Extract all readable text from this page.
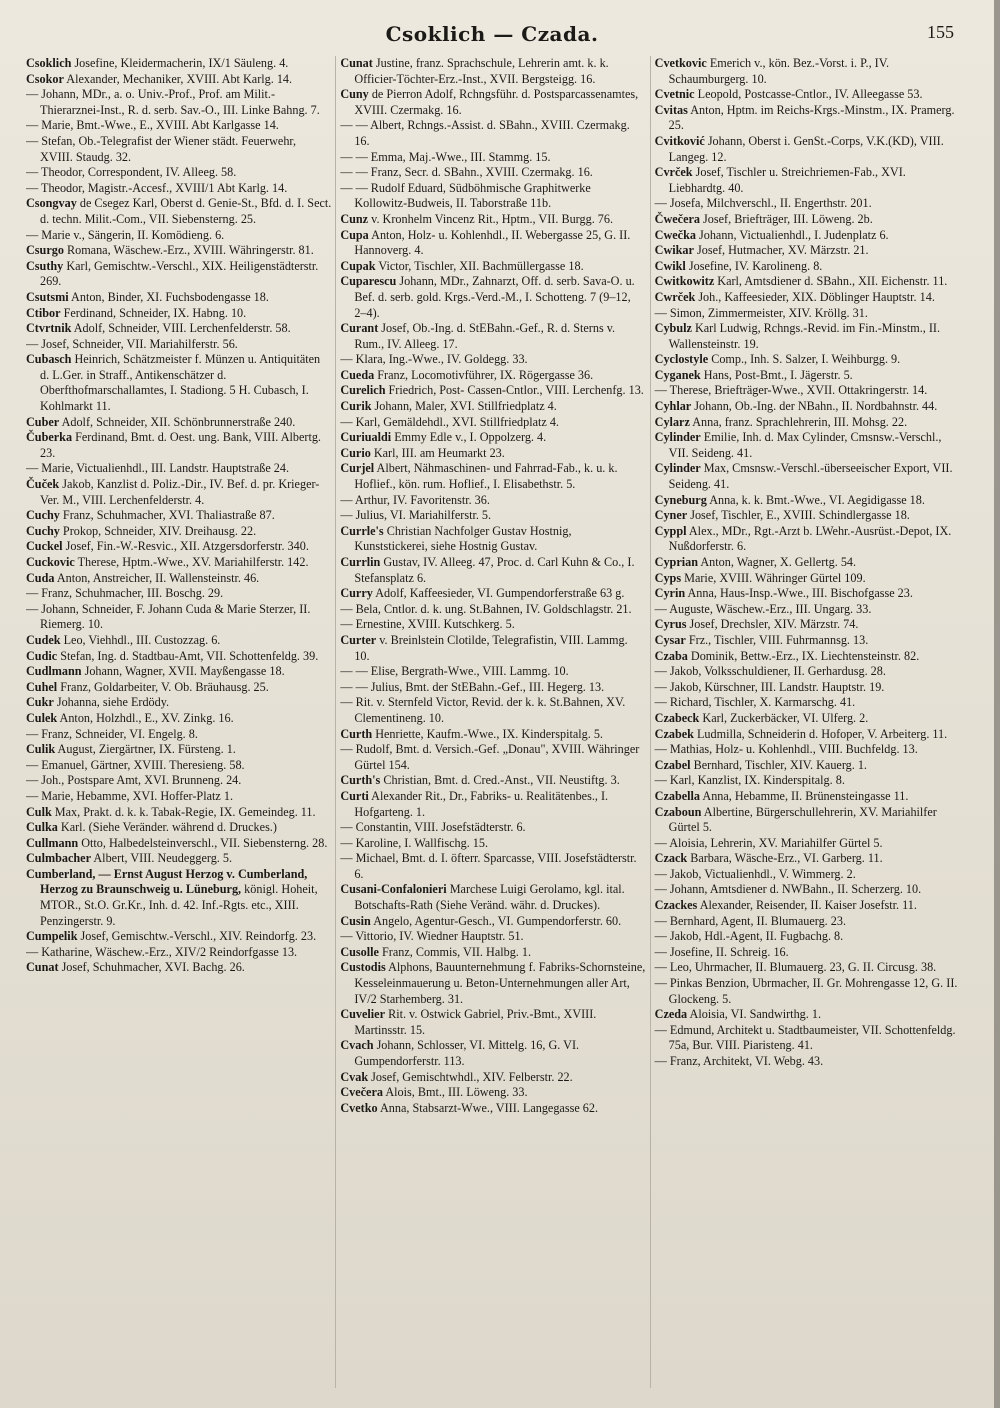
Csoklich — Czada.	155

Csoklich Josefine, Kleidermacherin, IX/1 Säuleng. 4.

Csokor Alexander, Mechaniker, XVIII. Abt Karlg. 14.

— Johann, MDr., a. o. Univ.-Prof., Prof. am Milit.-Thierarznei-Inst., R. d. serb. Sav.-O., III. Linke Bahng. 7.

— Marie, Bmt.-Wwe., E., XVIII. Abt Karlgasse 14.

— Stefan, Ob.-Telegrafist der Wiener städt. Feuerwehr, XVIII. Staudg. 32.

— Theodor, Correspondent, IV. Alleeg. 58.

— Theodor, Magistr.-Accesf., XVIII/1 Abt Karlg. 14.

Csongvay de Csegez Karl, Oberst d. Genie-St., Bfd. d. I. Sect. d. techn. Milit.-Com., VII. Siebensterng. 25.

— Marie v., Sängerin, II. Komödieng. 6.

Csurgo Romana, Wäschew.-Erz., XVIII. Währingerstr. 81.

Csuthy Karl, Gemischtw.-Verschl., XIX. Heiligenstädterstr. 269.

Csutsmi Anton, Binder, XI. Fuchsbodengasse 18.

Ctibor Ferdinand, Schneider, IX. Habng. 10.

Ctvrtnik Adolf, Schneider, VIII. Lerchenfelderstr. 58.

— Josef, Schneider, VII. Mariahilferstr. 56.

Cubasch Heinrich, Schätzmeister f. Münzen u. Antiquitäten d. L.Ger. in Straff., Antikenschätzer d. Oberfthofmarschallamtes, I. Stadiong. 5 H. Cubasch, I. Kohlmarkt 11.

Cuber Adolf, Schneider, XII. Schönbrunnerstraße 240.

Čuberka Ferdinand, Bmt. d. Oest. ung. Bank, VIII. Albertg. 23.

— Marie, Victualienhdl., III. Landstr. Hauptstraße 24.

Čuček Jakob, Kanzlist d. Poliz.-Dir., IV. Bef. d. pr. Krieger-Ver. M., VIII. Lerchenfelderstr. 4.

Cuchy Franz, Schuhmacher, XVI. Thaliastraße 87.

Cuchy Prokop, Schneider, XIV. Dreihausg. 22.

Cuckel Josef, Fin.-W.-Resvic., XII. Atzgersdorferstr. 340.

Cuckovic Therese, Hptm.-Wwe., XV. Mariahilferstr. 142.

Cuda Anton, Anstreicher, II. Wallensteinstr. 46.

— Franz, Schuhmacher, III. Boschg. 29.

— Johann, Schneider, F. Johann Cuda & Marie Sterzer, II. Riemerg. 10.

Cudek Leo, Viehhdl., III. Custozzag. 6.

Cudic Stefan, Ing. d. Stadtbau-Amt, VII. Schottenfeldg. 39.

Cudlmann Johann, Wagner, XVII. Mayßengasse 18.

Cuhel Franz, Goldarbeiter, V. Ob. Bräuhausg. 25.

Cukr Johanna, siehe Erdödy.

Culek Anton, Holzhdl., E., XV. Zinkg. 16.

— Franz, Schneider, VI. Engelg. 8.

Culik August, Ziergärtner, IX. Fürsteng. 1.

— Emanuel, Gärtner, XVIII. Theresieng. 58.

— Joh., Postspare Amt, XVI. Brunneng. 24.

— Marie, Hebamme, XVI. Hoffer-Platz 1.

Culk Max, Prakt. d. k. k. Tabak-Regie, IX. Gemeindeg. 11.

Culka Karl. (Siehe Veränder. während d. Druckes.)

Cullmann Otto, Halbedelsteinverschl., VII. Siebensterng. 28.

Culmbacher Albert, VIII. Neudeggerg. 5.

Cumberland, — Ernst August Herzog v. Cumberland, Herzog zu Braunschweig u. Lüneburg, königl. Hoheit, MTOR., St.O. Gr.Kr., Inh. d. 42. Inf.-Rgts. etc., XIII. Penzingerstr. 9.

Cumpelik Josef, Gemischtw.-Verschl., XIV. Reindorfg. 23.

— Katharine, Wäschew.-Erz., XIV/2 Reindorfgasse 13.

Cunat Josef, Schuhmacher, XVI. Bachg. 26.

Cunat Justine, franz. Sprachschule, Lehrerin amt. k. k. Officier-Töchter-Erz.-Inst., XVII. Bergsteigg. 16.

Cuny de Pierron Adolf, Rchngsführ. d. Postsparcassenamtes, XVIII. Czermakg. 16.

— — Albert, Rchngs.-Assist. d. SBahn., XVIII. Czermakg. 16.

— — Emma, Maj.-Wwe., III. Stammg. 15.

— — Franz, Secr. d. SBahn., XVIII. Czermakg. 16.

— — Rudolf Eduard, Südböhmische Graphitwerke Kollowitz-Budweis, II. Taborstraße 11b.

Cunz v. Kronhelm Vincenz Rit., Hptm., VII. Burgg. 76.

Cupa Anton, Holz- u. Kohlenhdl., II. Webergasse 25, G. II. Hannoverg. 4.

Cupak Victor, Tischler, XII. Bachmüllergasse 18.

Cuparescu Johann, MDr., Zahnarzt, Off. d. serb. Sava-O. u. Bef. d. serb. gold. Krgs.-Verd.-M., I. Schotteng. 7 (9–12, 2–4).

Curant Josef, Ob.-Ing. d. StEBahn.-Gef., R. d. Sterns v. Rum., IV. Alleeg. 17.

— Klara, Ing.-Wwe., IV. Goldegg. 33.

Cueda Franz, Locomotivführer, IX. Rögergasse 36.

Curelich Friedrich, Post- Cassen-Cntlor., VIII. Lerchenfg. 13.

Curik Johann, Maler, XVI. Stillfriedplatz 4.

— Karl, Gemäldehdl., XVI. Stillfriedplatz 4.

Curiualdi Emmy Edle v., I. Oppolzerg. 4.

Curio Karl, III. am Heumarkt 23.

Curjel Albert, Nähmaschinen- und Fahrrad-Fab., k. u. k. Hoflief., kön. rum. Hoflief., I. Elisabethstr. 5.

— Arthur, IV. Favoritenstr. 36.

— Julius, VI. Mariahilferstr. 5.

Currle's Christian Nachfolger Gustav Hostnig, Kunststickerei, siehe Hostnig Gustav.

Currlin Gustav, IV. Alleeg. 47, Proc. d. Carl Kuhn & Co., I. Stefansplatz 6.

Curry Adolf, Kaffeesieder, VI. Gumpendorferstraße 63 g.

— Bela, Cntlor. d. k. ung. St.Bahnen, IV. Goldschlagstr. 21.

— Ernestine, XVIII. Kutschkerg. 5.

Curter v. Breinlstein Clotilde, Telegrafistin, VIII. Lammg. 10.

— — Elise, Bergrath-Wwe., VIII. Lammg. 10.

— — Julius, Bmt. der StEBahn.-Gef., III. Hegerg. 13.

— Rit. v. Sternfeld Victor, Revid. der k. k. St.Bahnen, XV. Clementineng. 10.

Curth Henriette, Kaufm.-Wwe., IX. Kinderspitalg. 5.

— Rudolf, Bmt. d. Versich.-Gef. „Donau", XVIII. Währinger Gürtel 154.

Curth's Christian, Bmt. d. Cred.-Anst., VII. Neustiftg. 3.

Curti Alexander Rit., Dr., Fabriks- u. Realitätenbes., I. Hofgarteng. 1.

— Constantin, VIII. Josefstädterstr. 6.

— Karoline, I. Wallfischg. 15.

— Michael, Bmt. d. I. öfterr. Sparcasse, VIII. Josefstädterstr. 6.

Cusani-Confalonieri Marchese Luigi Gerolamo, kgl. ital. Botschafts-Rath (Siehe Veränd. währ. d. Druckes).

Cusin Angelo, Agentur-Gesch., VI. Gumpendorferstr. 60.

— Vittorio, IV. Wiedner Hauptstr. 51.

Cusolle Franz, Commis, VII. Halbg. 1.

Custodis Alphons, Bauunternehmung f. Fabriks-Schornsteine, Kesseleinmauerung u. Beton-Unternehmungen aller Art, IV/2 Starhemberg. 31.

Cuvelier Rit. v. Ostwick Gabriel, Priv.-Bmt., XVIII. Martinsstr. 15.

Cvach Johann, Schlosser, VI. Mittelg. 16, G. VI. Gumpendorferstr. 113.

Cvak Josef, Gemischtwhdl., XIV. Felberstr. 22.

Cvečera Alois, Bmt., III. Löweng. 33.

Cvetko Anna, Stabsarzt-Wwe., VIII. Langegasse 62.

Cvetkovic Emerich v., kön. Bez.-Vorst. i. P., IV. Schaumburgerg. 10.

Cvetnic Leopold, Postcasse-Cntlor., IV. Alleegasse 53.

Cvitas Anton, Hptm. im Reichs-Krgs.-Minstm., IX. Pramerg. 25.

Cvitković Johann, Oberst i. GenSt.-Corps, V.K.(KD), VIII. Langeg. 12.

Cvrček Josef, Tischler u. Streichriemen-Fab., XVI. Liebhardtg. 40.

— Josefa, Milchverschl., II. Engerthstr. 201.

Čwečera Josef, Briefträger, III. Löweng. 2b.

Cwečka Johann, Victualienhdl., I. Judenplatz 6.

Cwikar Josef, Hutmacher, XV. Märzstr. 21.

Cwikl Josefine, IV. Karolineng. 8.

Cwitkowitz Karl, Amtsdiener d. SBahn., XII. Eichenstr. 11.

Cwrček Joh., Kaffeesieder, XIX. Döblinger Hauptstr. 14.

— Simon, Zimmermeister, XIV. Kröllg. 31.

Cybulz Karl Ludwig, Rchngs.-Revid. im Fin.-Minstm., II. Wallensteinstr. 19.

Cyclostyle Comp., Inh. S. Salzer, I. Weihburgg. 9.

Cyganek Hans, Post-Bmt., I. Jägerstr. 5.

— Therese, Briefträger-Wwe., XVII. Ottakringerstr. 14.

Cyhlar Johann, Ob.-Ing. der NBahn., II. Nordbahnstr. 44.

Cylarz Anna, franz. Sprachlehrerin, III. Mohsg. 22.

Cylinder Emilie, Inh. d. Max Cylinder, Cmsnsw.-Verschl., VII. Seideng. 41.

Cylinder Max, Cmsnsw.-Verschl.-überseeischer Export, VII. Seideng. 41.

Cyneburg Anna, k. k. Bmt.-Wwe., VI. Aegidigasse 18.

Cyner Josef, Tischler, E., XVIII. Schindlergasse 18.

Cyppl Alex., MDr., Rgt.-Arzt b. LWehr.-Ausrüst.-Depot, IX. Nußdorferstr. 6.

Cyprian Anton, Wagner, X. Gellertg. 54.

Cyps Marie, XVIII. Währinger Gürtel 109.

Cyrin Anna, Haus-Insp.-Wwe., III. Bischofgasse 23.

— Auguste, Wäschew.-Erz., III. Ungarg. 33.

Cyrus Josef, Drechsler, XIV. Märzstr. 74.

Cysar Frz., Tischler, VIII. Fuhrmannsg. 13.

Czaba Dominik, Bettw.-Erz., IX. Liechtensteinstr. 82.

— Jakob, Volksschuldiener, II. Gerhardusg. 28.

— Jakob, Kürschner, III. Landstr. Hauptstr. 19.

— Richard, Tischler, X. Karmarschg. 41.

Czabeck Karl, Zuckerbäcker, VI. Ulferg. 2.

Czabek Ludmilla, Schneiderin d. Hofoper, V. Arbeiterg. 11.

— Mathias, Holz- u. Kohlenhdl., VIII. Buchfeldg. 13.

Czabel Bernhard, Tischler, XIV. Kauerg. 1.

— Karl, Kanzlist, IX. Kinderspitalg. 8.

Czabella Anna, Hebamme, II. Brünensteingasse 11.

Czaboun Albertine, Bürgerschullehrerin, XV. Mariahilfer Gürtel 5.

— Aloisia, Lehrerin, XV. Mariahilfer Gürtel 5.

Czack Barbara, Wäsche-Erz., VI. Garberg. 11.

— Jakob, Victualienhdl., V. Wimmerg. 2.

— Johann, Amtsdiener d. NWBahn., II. Scherzerg. 10.

Czackes Alexander, Reisender, II. Kaiser Josefstr. 11.

— Bernhard, Agent, II. Blumauerg. 23.

— Jakob, Hdl.-Agent, II. Fugbachg. 8.

— Josefine, II. Schreig. 16.

— Leo, Uhrmacher, II. Blumauerg. 23, G. II. Circusg. 38.

— Pinkas Benzion, Ubrmacher, II. Gr. Mohrengasse 12, G. II. Glockeng. 5.

Czeda Aloisia, VI. Sandwirthg. 1.

— Edmund, Architekt u. Stadtbaumeister, VII. Schottenfeldg. 75a, Bur. VIII. Piaristeng. 41.

— Franz, Architekt, VI. Webg. 43.
